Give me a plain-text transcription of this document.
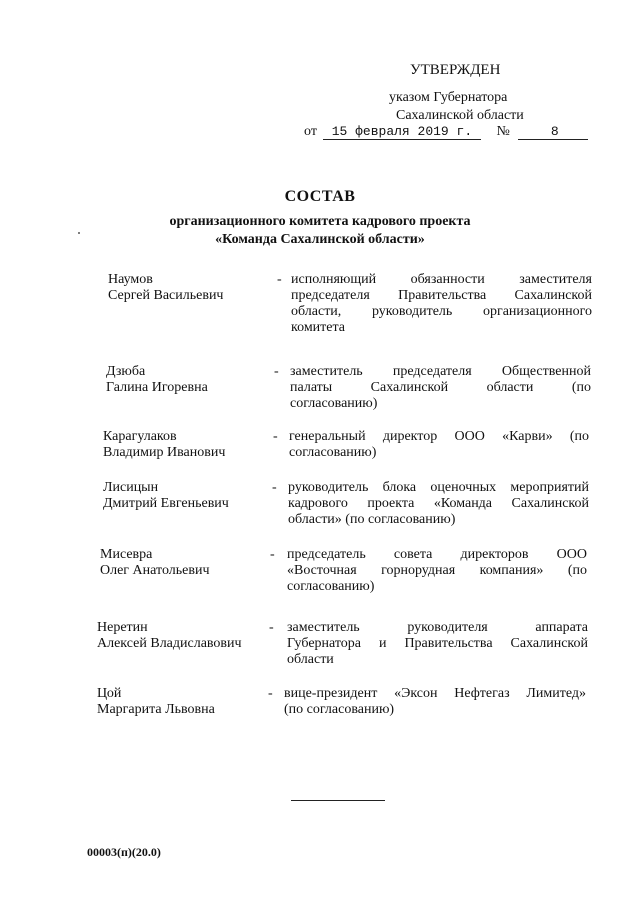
УТВЕРЖДЕН
указом Губернатора
Сахалинской области
от 15 февраля 2019 г. №	8
СОСТАВ
организационного комитета кадрового проекта
«Команда Сахалинской области»
Наумов
Сергей Васильевич
- исполняющий обязанности заместителя
председателя Правительства Сахалинской
области, руководитель организационного
комитета
Дзюба
Галина Игоревна
- заместитель председателя Общественной
палаты Сахалинской области (по
согласованию)
Карагулаков
Владимир Иванович
- генеральный директор ООО «Карви» (по
согласованию)
Лисицын
Дмитрий Евгеньевич
- руководитель блока оценочных мероприятий
кадрового проекта «Команда Сахалинской
области» (по согласованию)
Мисевра
Олег Анатольевич
- председатель совета директоров ООО
«Восточная горнорудная компания» (по
согласованию)
Неретин
Алексей Владиславович
- заместитель руководителя аппарата
Губернатора и Правительства Сахалинской
области
Цой
Маргарита Львовна
- вице-президент «Эксон Нефтегаз Лимитед»
(по согласованию)
00003(п)(20.0)
